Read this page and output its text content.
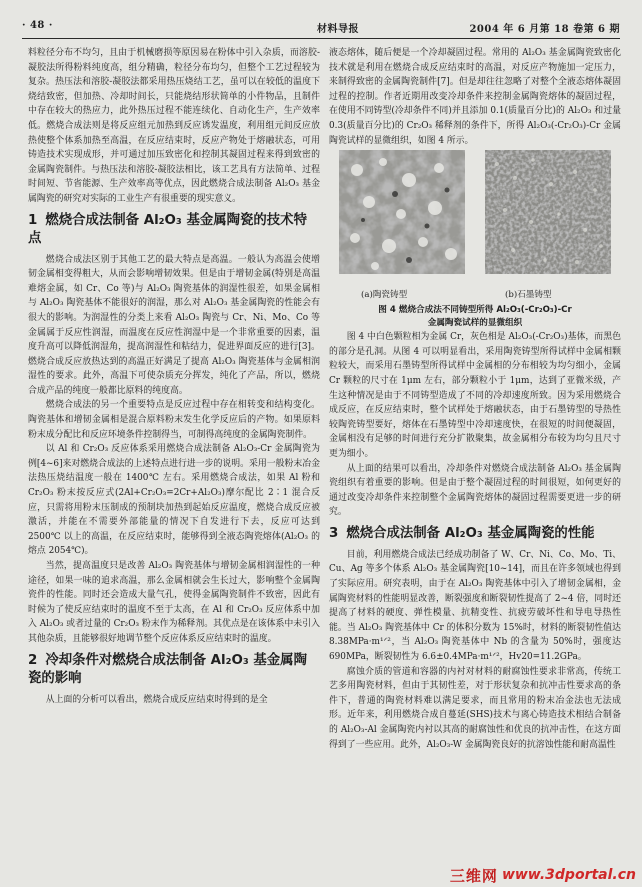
· 48 ·	材料导报	2004 年 6 月第 18 卷第 6 期

料粒径分布不均匀，且由于机械磨损等原因易在粉体中引入杂质，而溶胶-凝胶法所得粉料纯度高，组分精确，粒径分布均匀，但整个工艺过程较为复杂。热压法和溶胶-凝胶法都采用热压烧结工艺，虽可以在较低的温度下烧结致密，但加热、冷却时间长，只能烧结形状简单的小件物品，且制件中存在较大的热应力，此外热压过程不能连续化、自动化生产，生产效率低。燃烧合成法则是将反应组元加热到反应诱发温度，利用组元间反应放热使整个体系加热至高温，在反应结束时，反应产物处于熔融状态，可用铸造技术实现成形，并可通过加压致密化和控制其凝固过程来得到致密的金属陶瓷制件。与热压法和溶胶-凝胶法相比，该工艺具有方法简单、过程时间短、节省能源、生产效率高等优点，因此燃烧合成法制备 Al₂O₃ 基金属陶瓷的研究对实际的工业生产有很重要的现实意义。

1 燃烧合成法制备 Al₂O₃ 基金属陶瓷的技术特点

燃烧合成法区别于其他工艺的最大特点是高温。一般认为高温会使增韧金属相变得粗大，从而会影响增韧效果。但是由于增韧金属(特别是高温难熔金属，如 Cr、Co 等)与 Al₂O₃ 陶瓷基体的润湿性很差，如果金属相与 Al₂O₃ 陶瓷基体不能很好的润湿，那么对 Al₂O₃ 基金属陶瓷的性能会有很大的影响。为润湿性的分类上来看 Al₂O₃ 陶瓷与 Cr、Ni、Mo、Co 等金属属于反应性润湿，而温度在反应性润湿中是一个非常重要的因素，温度升高可以降低润湿角，提高润湿性和粘结力，促进界面反应的进行[3]。燃烧合成反应放热达到的高温正好满足了提高 Al₂O₃ 陶瓷基体与金属相润湿性的要求。此外，高温下可使杂质充分挥发，纯化了产品，所以，燃烧合成产品的纯度一般都比原料的纯度高。

燃烧合成法的另一个重要特点是反应过程中存在相转变和结构变化。陶瓷基体和增韧金属相是混合原料粉末发生化学反应后的产物。如果原料粉末成分配比和反应环境条件控制得当，可制得高纯度的金属陶瓷制件。

以 Al 和 Cr₂O₃ 反应体系采用燃烧合成法制备 Al₂O₃-Cr 金属陶瓷为例[4~6]来对燃烧合成法的上述特点进行进一步的说明。采用一般粉末冶金法热压烧结温度一般在 1400℃ 左右。采用燃烧合成法，如果 Al 粉和 Cr₂O₃ 粉末按反应式(2Al+Cr₂O₃=2Cr+Al₂O₃)摩尔配比 2∶1 混合反应，只需将用粉末压制成的预制块加热到起始反应温度，燃烧合成反应被激活，并能在不需要外部能量的情况下自发进行下去，反应可达到 2500℃ 以上的高温，在反应结束时，能够得到全液态陶瓷熔体(Al₂O₃ 的熔点 2054℃)。

当然，提高温度只是改善 Al₂O₃ 陶瓷基体与增韧金属相润湿性的一种途径，如果一味的追求高温，那么金属相就会生长过大，影响整个金属陶瓷件的性能。同时还会造成大量气孔，使得金属陶瓷制件不致密，因此有时候为了使反应结束时的温度不至于太高，在 Al 和 Cr₂O₃ 反应体系中加入 Al₂O₃ 或者过量的 Cr₂O₃ 粉末作为稀释剂。其优点是在该体系中未引入其他杂质，且能够很好地调节整个反应体系反应结束时的温度。

2 冷却条件对燃烧合成法制备 Al₂O₃ 基金属陶瓷的影响

从上面的分析可以看出，燃烧合成反应结束时得到的是全

液态熔体，随后便是一个冷却凝固过程。常用的 Al₂O₃ 基金属陶瓷致密化技术就是利用在燃烧合成反应结束时的高温，对反应产物施加一定压力，来制得致密的金属陶瓷制件[7]。但是却往往忽略了对整个全液态熔体凝固过程的控制。作者近期用改变冷却条件来控制金属陶瓷熔体的凝固过程，在使用不同铸型(冷却条件不同)并且添加 0.1(质量百分比)的 Al₂O₃ 和过量 0.3(质量百分比)的 Cr₂O₃ 稀释剂的条件下，所得 Al₂O₃(-Cr₂O₃)-Cr 金属陶瓷试样的显微组织，如图 4 所示。

(a)陶瓷铸型	(b)石墨铸型
图 4 燃烧合成法不同铸型所得 Al₂O₃(-Cr₂O₃)-Cr
金属陶瓷试样的显微组织

图 4 中白色颗粒相为金属 Cr，灰色相是 Al₂O₃(-Cr₂O₃)基体，而黑色的部分是孔洞。从图 4 可以明显看出，采用陶瓷铸型所得试样中金属相颗粒较大，而采用石墨铸型所得试样中金属相的分布相较为均匀细小，金属 Cr 颗粒的尺寸在 1μm 左右，部分颗粒小于 1μm，达到了亚微米级，产生这种情况是由于不同铸型造成了不同的冷却速度所致。因为采用燃烧合成反应，在反应结束时，整个试样处于熔融状态，由于石墨铸型的导热性较陶瓷铸型要好，熔体在石墨铸型中冷却速度快，在很短的时间便凝固，金属相没有足够的时间进行充分扩散聚集，故金属相分布较为均匀且尺寸更为细小。

从上面的结果可以看出，冷却条件对燃烧合成法制备 Al₂O₃ 基金属陶瓷组织有着重要的影响。但是由于整个凝固过程的时间很短，如何更好的通过改变冷却条件来控制整个金属陶瓷熔体的凝固过程需要更进一步的研究。

3 燃烧合成法制备 Al₂O₃ 基金属陶瓷的性能

目前，利用燃烧合成法已经成功制备了 W、Cr、Ni、Co、Mo、Ti、Cu、Ag 等多个体系 Al₂O₃ 基金属陶瓷[10~14]，而且在许多领域也得到了实际应用。研究表明，由于在 Al₂O₃ 陶瓷基体中引入了增韧金属相，金属陶瓷材料的性能明显改善，断裂强度和断裂韧性提高了 2~4 倍，同时还提高了材料的硬度、弹性模量、抗精变性、抗疲劳破坏性和导电导热性能。当 Al₂O₃ 陶瓷基体中 Cr 的体积分数为 15%时，材料的断裂韧性值达 8.38MPa·m¹ᐟ²，当 Al₂O₃ 陶瓷基体中 Nb 的含量为 50%时，强度达 690MPa，断裂韧性为 6.6±0.4MPa·m¹ᐟ²，Hv20=11.2GPa。

腐蚀介质的管道和容器的内衬对材料的耐腐蚀性要求非常高，传统工艺多用陶瓷材料，但由于其韧性差，对于形状复杂和抗冲击性要求高的条件下，普通的陶瓷材料难以满足要求，而且常用的粉末冶金法也无法成形。近年来，利用燃烧合成自蔓延(SHS)技术与离心铸造技术相结合制备的 Al₂O₃-Al 金属陶瓷内衬以其高的耐腐蚀性和优良的抗冲击性，在这方面得到了一些应用。此外，Al₂O₃-W 金属陶瓷良好的抗溶蚀性能和耐高温性

三维网 www.3dportal.cn
